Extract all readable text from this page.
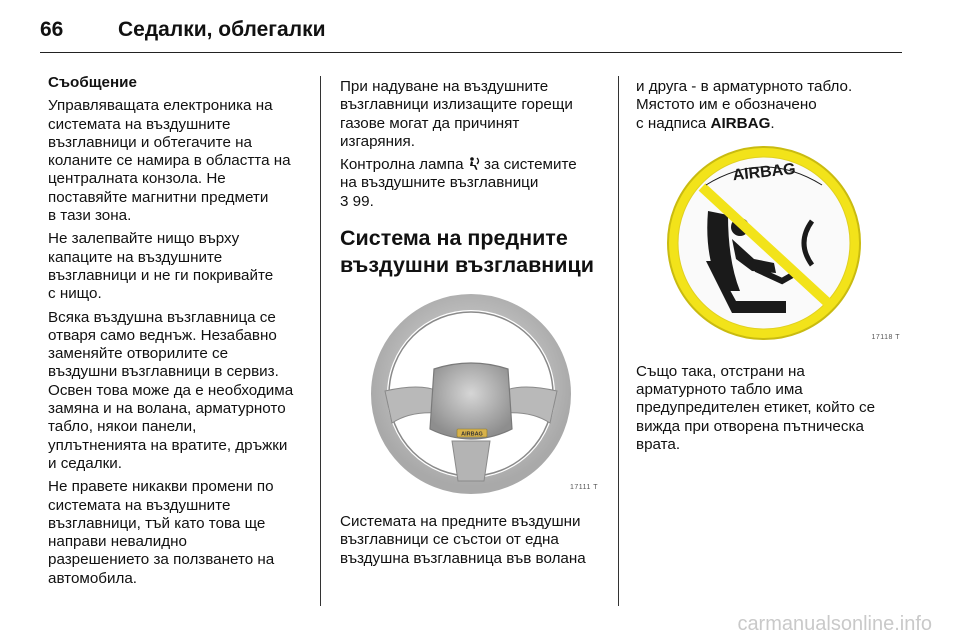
66	Седалки, облегалки

Съобщение

Управляващата електроника на
системата на въздушните
възглавници и обтегачите на
коланите се намира в областта на
централната конзола. Не
поставяйте магнитни предмети
в тази зона.

Не залепвайте нищо върху
капаците на въздушните
възглавници и не ги покривайте
с нищо.

Всяка въздушна възглавница се
отваря само веднъж. Незабавно
заменяйте отворилите се
въздушни възглавници в сервиз.
Освен това може да е необходима
замяна и на волана, арматурното
табло, някои панели,
уплътненията на вратите, дръжки
и седалки.

Не правете никакви промени по
системата на въздушните
възглавници, тъй като това ще
направи невалидно
разрешението за ползването на
автомобила.

При надуване на въздушните
възглавници излизащите горещи
газове могат да причинят
изгаряния.

Контролна лампа  за системите
на въздушните възглавници
3 99.

Система на предните
въздушни възглавници
AIRBAG
17111 T

Системата на предните въздушни
възглавници се състои от една
въздушна възглавница във волана

и друга - в арматурното табло.
Мястото им е обозначено
с надписа AIRBAG.

AIRBAG
17118 T

Също така, отстрани на
арматурното табло има
предупредителен етикет, който се
вижда при отворена пътническа
врата.

carmanualsonline.info
